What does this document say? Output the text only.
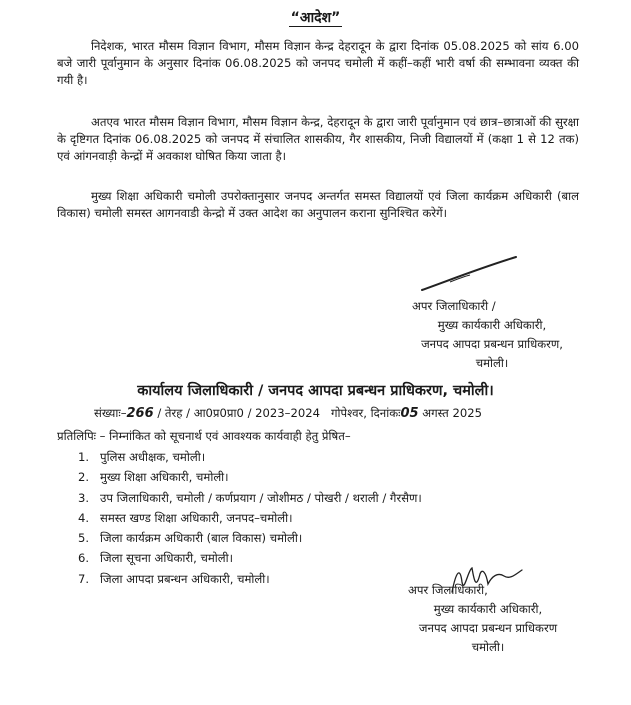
“आदेश”

निदेशक, भारत मौसम विज्ञान विभाग, मौसम विज्ञान केन्द्र देहरादून के द्वारा दिनांक 05.08.2025 को सांय 6.00 बजे जारी पूर्वानुमान के अनुसार दिनांक 06.08.2025 को जनपद चमोली में कहीं–कहीं भारी वर्षा की सम्भावना व्यक्त की गयी है।

अतएव भारत मौसम विज्ञान विभाग, मौसम विज्ञान केन्द्र, देहरादून के द्वारा जारी पूर्वानुमान एवं छात्र–छात्राओं की सुरक्षा के दृष्टिगत दिनांक 06.08.2025 को जनपद में संचालित शासकीय, गैर शासकीय, निजी विद्यालयों में (कक्षा 1 से 12 तक) एवं आंगनवाड़ी केन्द्रों में अवकाश घोषित किया जाता है।

मुख्य शिक्षा अधिकारी चमोली उपरोक्तानुसार जनपद अन्तर्गत समस्त विद्यालयों एवं जिला कार्यक्रम अधिकारी (बाल विकास) चमोली समस्त आगनवाडी केन्द्रो में उक्त आदेश का अनुपालन कराना सुनिश्चित करेगें।

अपर जिलाधिकारी /
मुख्य कार्यकारी अधिकारी,
जनपद आपदा प्रबन्धन प्राधिकरण,
चमोली।
कार्यालय जिलाधिकारी / जनपद आपदा प्रबन्धन प्राधिकरण, चमोली।
संख्याः–266 / तेरह / आ0प्र0प्रा0 / 2023–2024 गोपेश्वर, दिनांकः05 अगस्त 2025
प्रतिलिपिः – निम्नांकित को सूचनार्थ एवं आवश्यक कार्यवाही हेतु प्रेषित–
1. पुलिस अधीक्षक, चमोली।
2. मुख्य शिक्षा अधिकारी, चमोली।
3. उप जिलाधिकारी, चमोली / कर्णप्रयाग / जोशीमठ / पोखरी / थराली / गैरसैण।
4. समस्त खण्ड शिक्षा अधिकारी, जनपद–चमोली।
5. जिला कार्यक्रम अधिकारी (बाल विकास) चमोली।
6. जिला सूचना अधिकारी, चमोली।
7. जिला आपदा प्रबन्धन अधिकारी, चमोली।
अपर जिलाधिकारी,
मुख्य कार्यकारी अधिकारी,
जनपद आपदा प्रबन्धन प्राधिकरण
चमोली।
